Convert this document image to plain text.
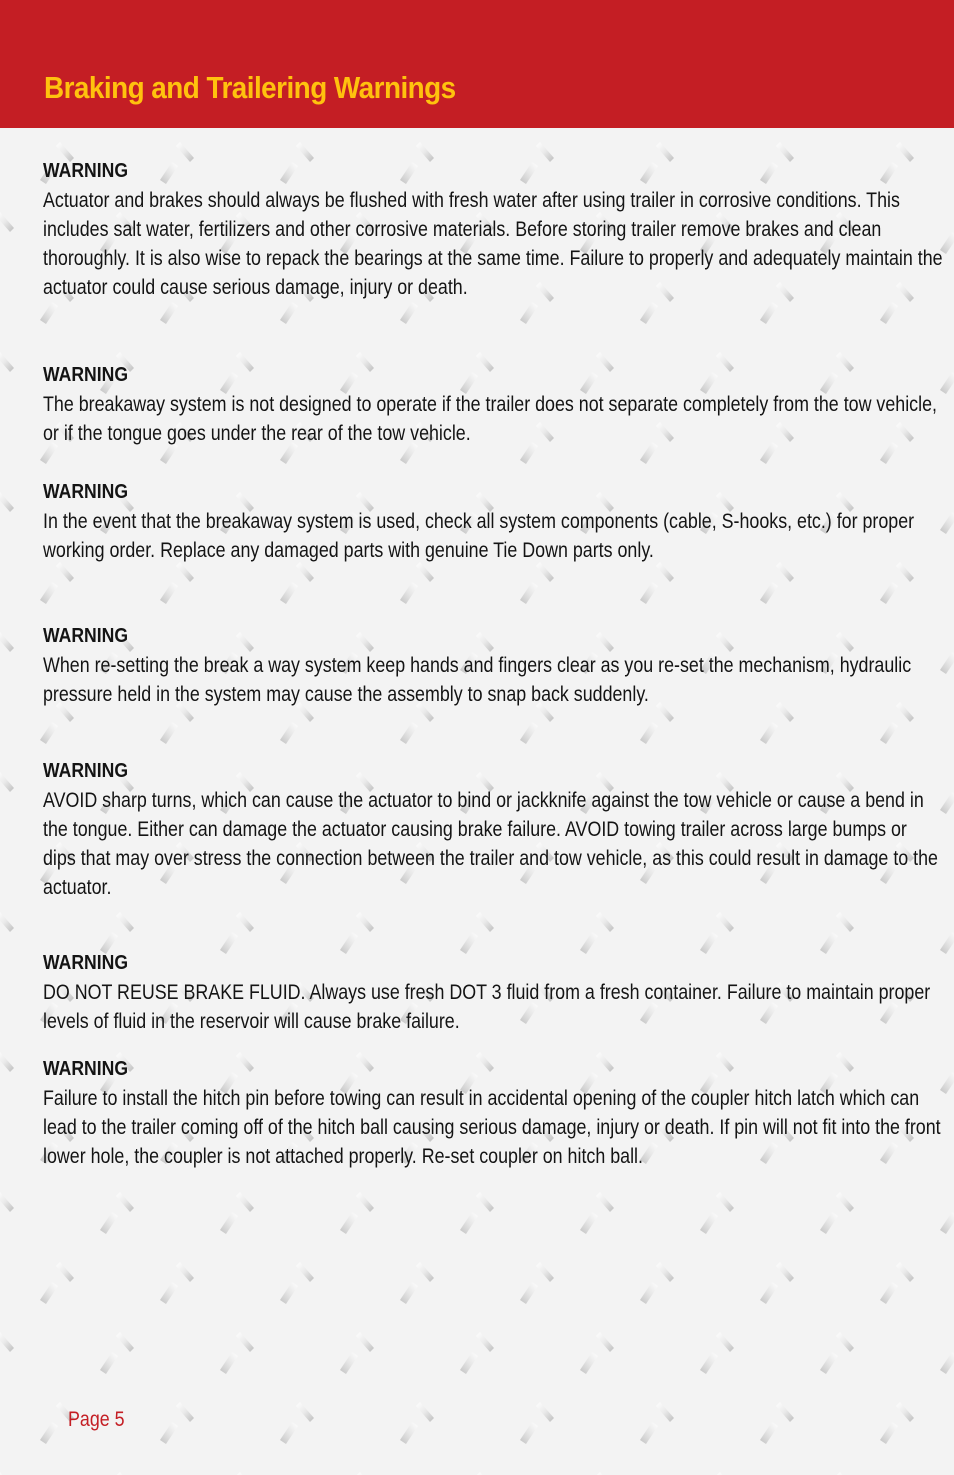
Braking and Trailering Warnings
WARNING

Actuator and brakes should always be flushed with fresh water after using trailer in corrosive conditions. This includes salt water, fertilizers and other corrosive materials. Before storing trailer remove brakes and clean thoroughly. It is also wise to repack the bearings at the same time. Failure to properly and adequately maintain the actuator could cause serious damage, injury or death.

WARNING

The breakaway system is not designed to operate if the trailer does not separate completely from the tow vehicle, or if the tongue goes under the rear of the tow vehicle.

WARNING

In the event that the breakaway system is used, check all system components (cable, S-hooks, etc.) for proper working order. Replace any damaged parts with genuine Tie Down parts only.

WARNING

When re-setting the break a way system keep hands and fingers clear as you re-set the mechanism, hydraulic pressure held in the system may cause the assembly to snap back suddenly.

WARNING

AVOID sharp turns, which can cause the actuator to bind or jackknife against the tow vehicle or cause a bend in the tongue. Either can damage the actuator causing brake failure. AVOID towing trailer across large bumps or dips that may over stress the connection between the trailer and tow vehicle, as this could result in damage to the actuator.

WARNING

DO NOT REUSE BRAKE FLUID. Always use fresh DOT 3 fluid from a fresh container. Failure to maintain proper levels of fluid in the reservoir will cause brake failure.

WARNING

Failure to install the hitch pin before towing can result in accidental opening of the coupler hitch latch which can lead to the trailer coming off of the hitch ball causing serious damage, injury or death. If pin will not fit into the front lower hole, the coupler is not attached properly. Re-set coupler on hitch ball.

Page 5
